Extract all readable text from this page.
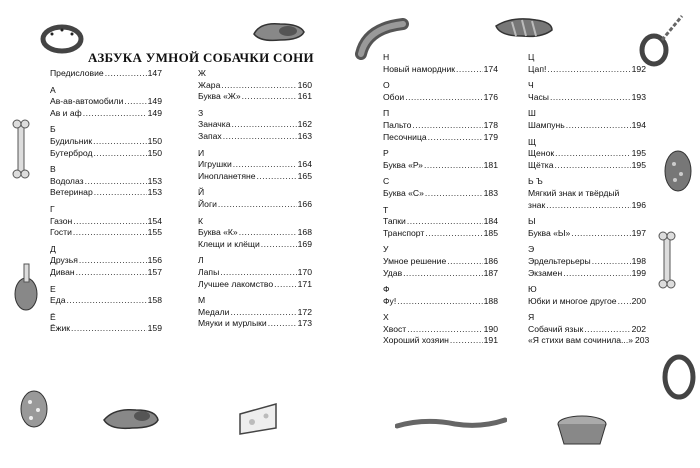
АЗБУКА УМНОЙ СОБАЧКИ СОНИ
Предисловие .....	147
А
Ав-ав-автомобили .....	149
Ав и аф .....	149
Б
Будильник .....	150
Бутерброд .....	150
В
Водолаз .....	153
Ветеринар .....	153
Г
Газон .....	154
Гости .....	155
Д
Друзья .....	156
Диван .....	157
Е
Еда .....	158
Ё
Ёжик .....	159
Ж
Жара .....	160
Буква «Ж» .....	161
З
Заначка .....	162
Запах .....	163
И
Игрушки .....	164
Инопланетяне .....	165
Й
Йоги .....	166
К
Буква «К» .....	168
Клещи и клёщи .....	169
Л
Лапы .....	170
Лучшее лакомство .....	171
М
Медали .....	172
Мяуки и мурлыки .....	173
Н
Новый намордник .....	174
О
Обои .....	176
П
Пальто .....	178
Песочница .....	179
Р
Буква «Р» .....	181
С
Буква «С» .....	183
Т
Тапки .....	184
Транспорт .....	185
У
Умное решение .....	186
Удав .....	187
Ф
Фу! .....	188
Х
Хвост .....	190
Хороший хозяин .....	191
Ц
Цап! .....	192
Ч
Часы .....	193
Ш
Шампунь .....	194
Щ
Щенок .....	195
Щётка .....	195
Ь Ъ
Мягкий знак и твёрдый
знак .....	196
Ы
Буква «Ы» .....	197
Э
Эрдельтерьеры .....	198
Экзамен .....	199
Ю
Юбки и многое другое ..... 200
Я
Собачий язык .....	202
«Я стихи вам сочинила...» 203
